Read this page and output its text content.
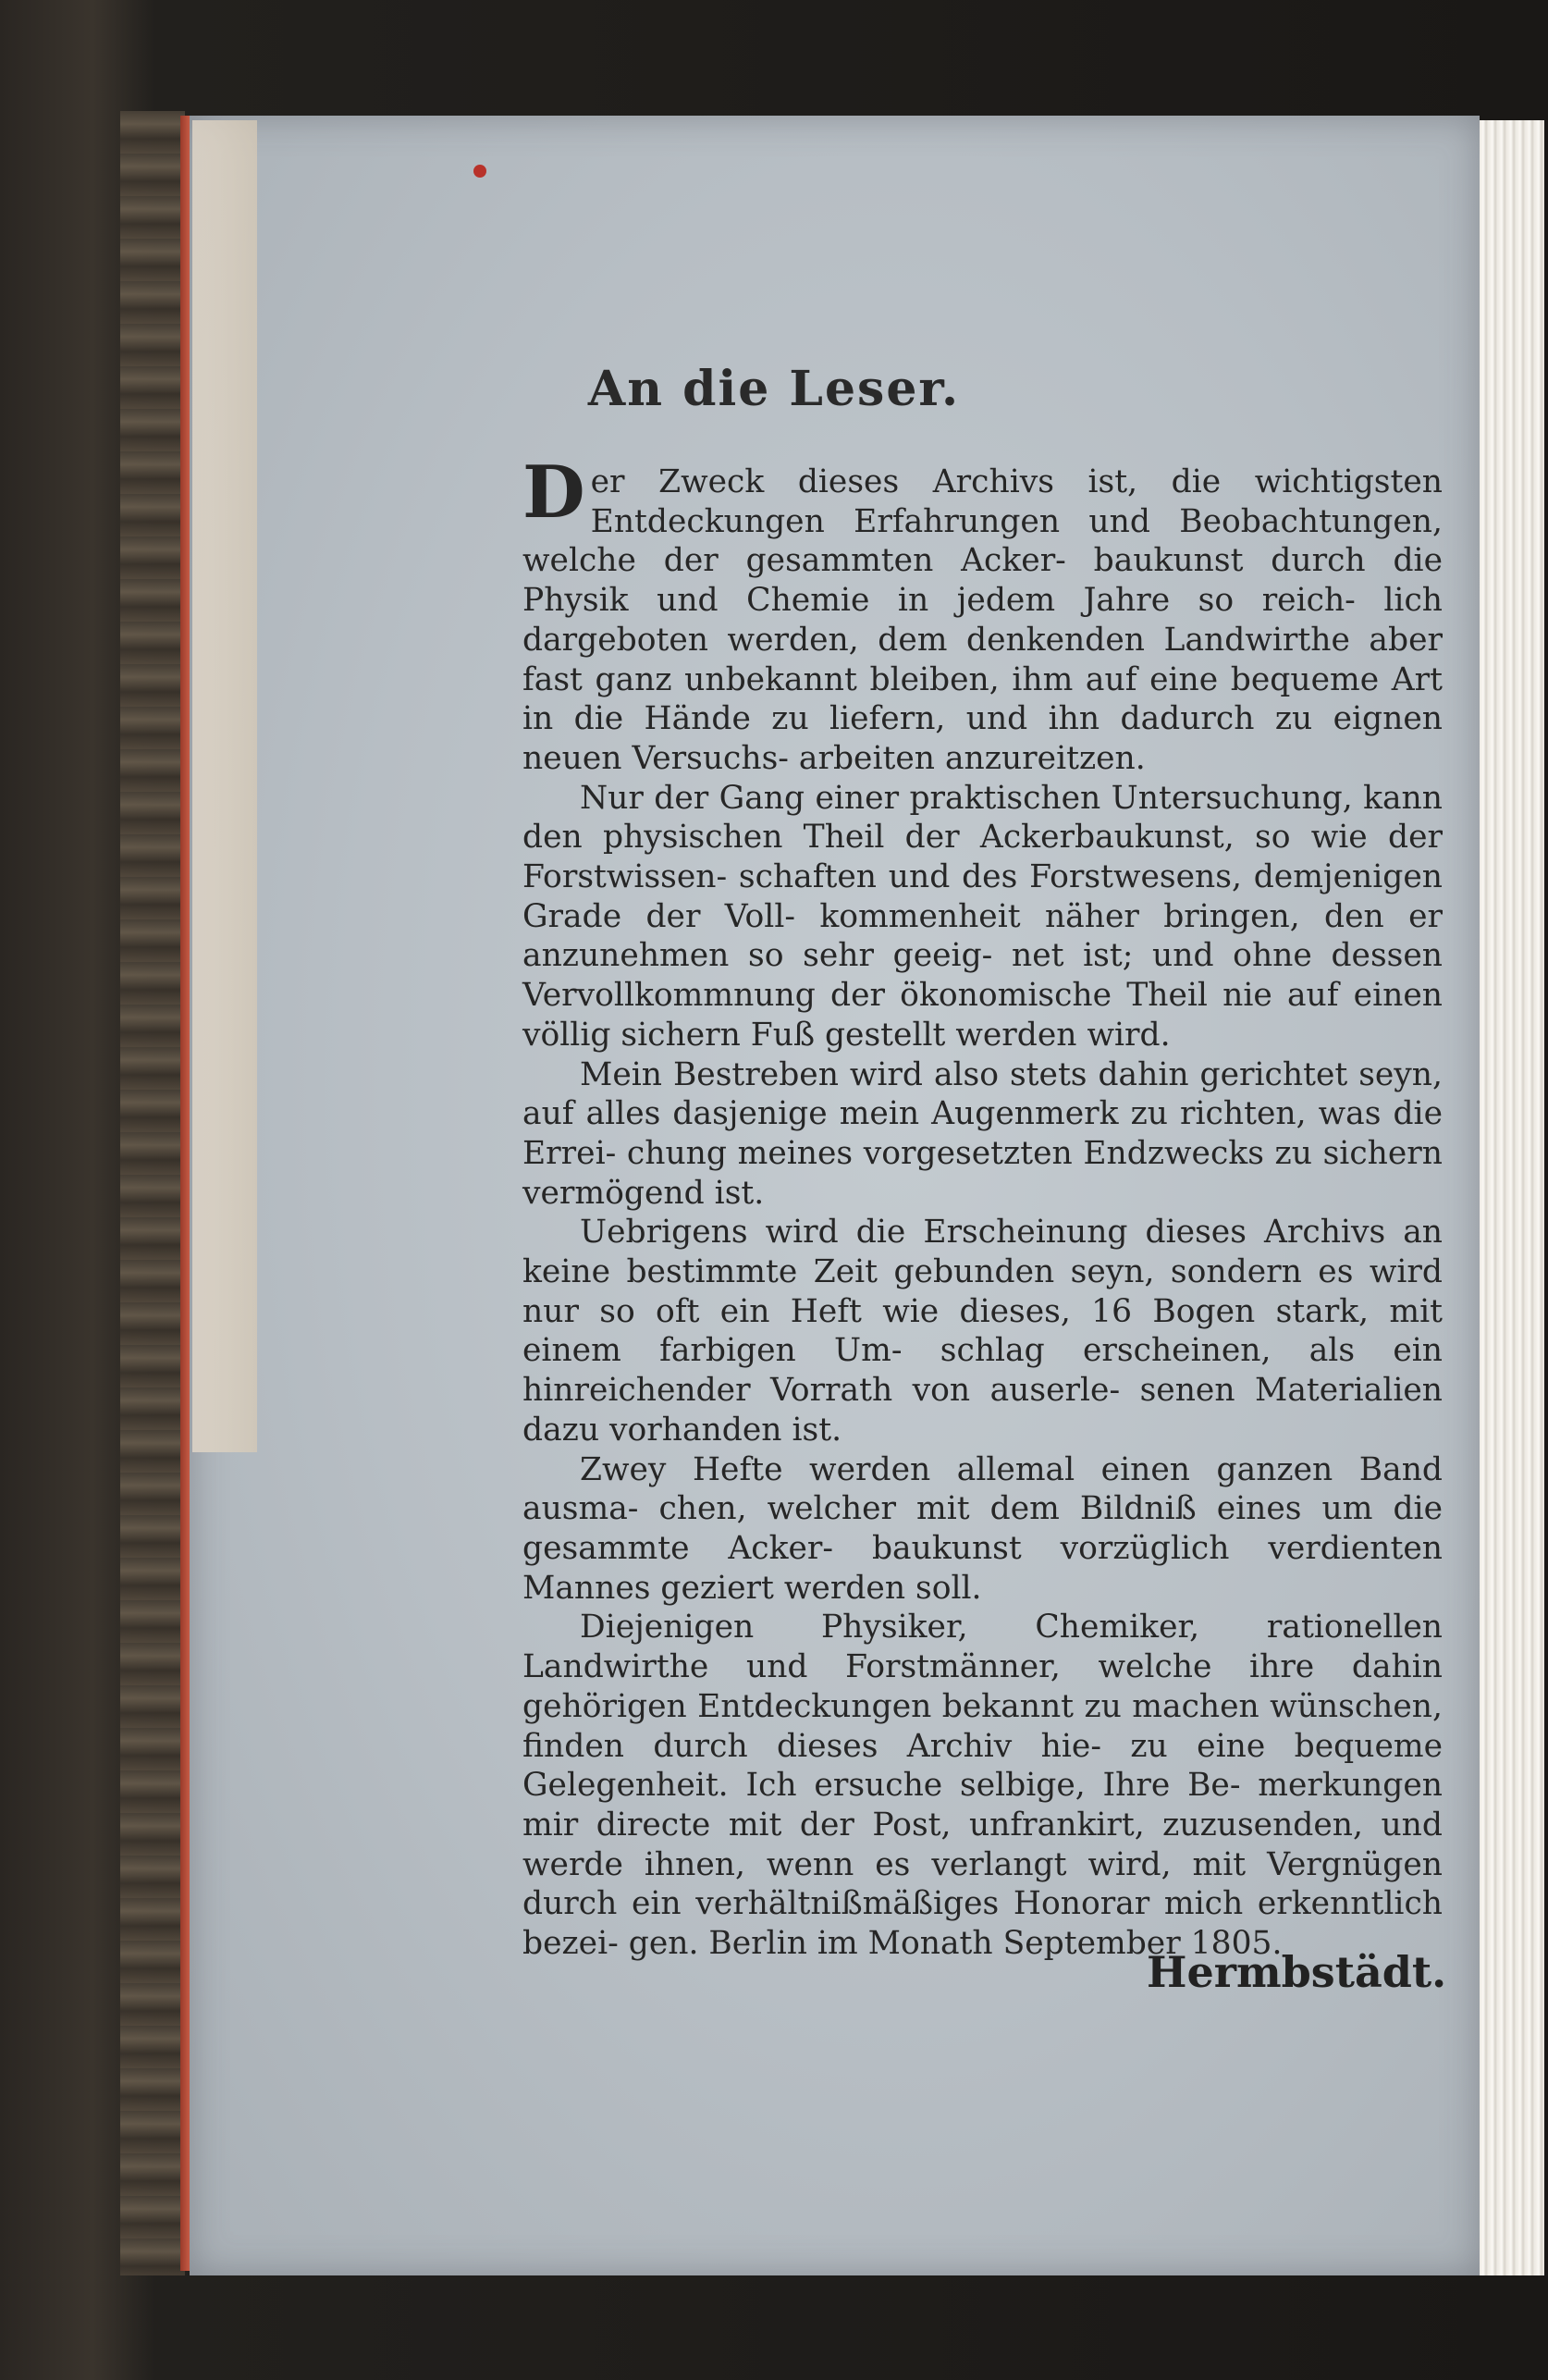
An die Leser.

Der Zweck dieses Archivs ist, die wichtigsten Entdeckungen Erfahrungen und Beobachtungen, welche der gesammten Acker- baukunst durch die Physik und Chemie in jedem Jahre so reich- lich dargeboten werden, dem denkenden Landwirthe aber fast ganz unbekannt bleiben, ihm auf eine bequeme Art in die Hände zu liefern, und ihn dadurch zu eignen neuen Versuchs- arbeiten anzureitzen.

Nur der Gang einer praktischen Untersuchung, kann den physischen Theil der Ackerbaukunst, so wie der Forstwissen- schaften und des Forstwesens, demjenigen Grade der Voll- kommenheit näher bringen, den er anzunehmen so sehr geeig- net ist; und ohne dessen Vervollkommnung der ökonomische Theil nie auf einen völlig sichern Fuß gestellt werden wird.

Mein Bestreben wird also stets dahin gerichtet seyn, auf alles dasjenige mein Augenmerk zu richten, was die Errei- chung meines vorgesetzten Endzwecks zu sichern vermögend ist.

Uebrigens wird die Erscheinung dieses Archivs an keine bestimmte Zeit gebunden seyn, sondern es wird nur so oft ein Heft wie dieses, 16 Bogen stark, mit einem farbigen Um- schlag erscheinen, als ein hinreichender Vorrath von auserle- senen Materialien dazu vorhanden ist.

Zwey Hefte werden allemal einen ganzen Band ausma- chen, welcher mit dem Bildniß eines um die gesammte Acker- baukunst vorzüglich verdienten Mannes geziert werden soll.

Diejenigen Physiker, Chemiker, rationellen Landwirthe und Forstmänner, welche ihre dahin gehörigen Entdeckungen bekannt zu machen wünschen, finden durch dieses Archiv hie- zu eine bequeme Gelegenheit. Ich ersuche selbige, Ihre Be- merkungen mir directe mit der Post, unfrankirt, zuzusenden, und werde ihnen, wenn es verlangt wird, mit Vergnügen durch ein verhältnißmäßiges Honorar mich erkenntlich bezei- gen. Berlin im Monath September 1805.

Hermbstädt.
